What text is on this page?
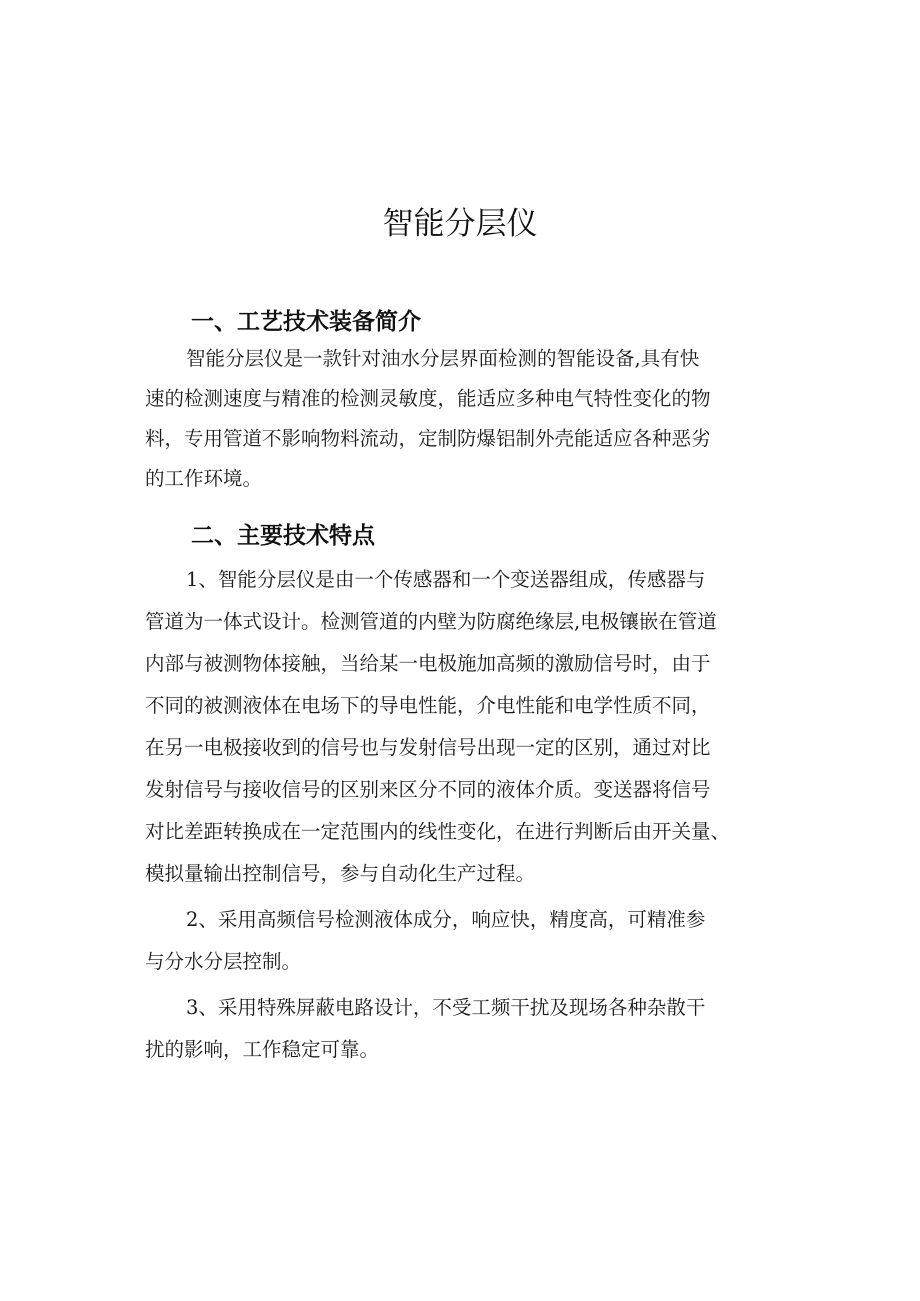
智能分层仪
一、工艺技术装备简介

智能分层仪是一款针对油水分层界面检测的智能设备,具有快

速的检测速度与精准的检测灵敏度，能适应多种电气特性变化的物

料，专用管道不影响物料流动，定制防爆铝制外壳能适应各种恶劣

的工作环境。

二、主要技术特点

1、智能分层仪是由一个传感器和一个变送器组成，传感器与

管道为一体式设计。检测管道的内壁为防腐绝缘层,电极镶嵌在管道

内部与被测物体接触，当给某一电极施加高频的激励信号时，由于

不同的被测液体在电场下的导电性能，介电性能和电学性质不同，

在另一电极接收到的信号也与发射信号出现一定的区别，通过对比

发射信号与接收信号的区别来区分不同的液体介质。变送器将信号

对比差距转换成在一定范围内的线性变化，在进行判断后由开关量、

模拟量输出控制信号，参与自动化生产过程。

2、采用高频信号检测液体成分，响应快，精度高，可精准参

与分水分层控制。

3、采用特殊屏蔽电路设计，不受工频干扰及现场各种杂散干

扰的影响，工作稳定可靠。
